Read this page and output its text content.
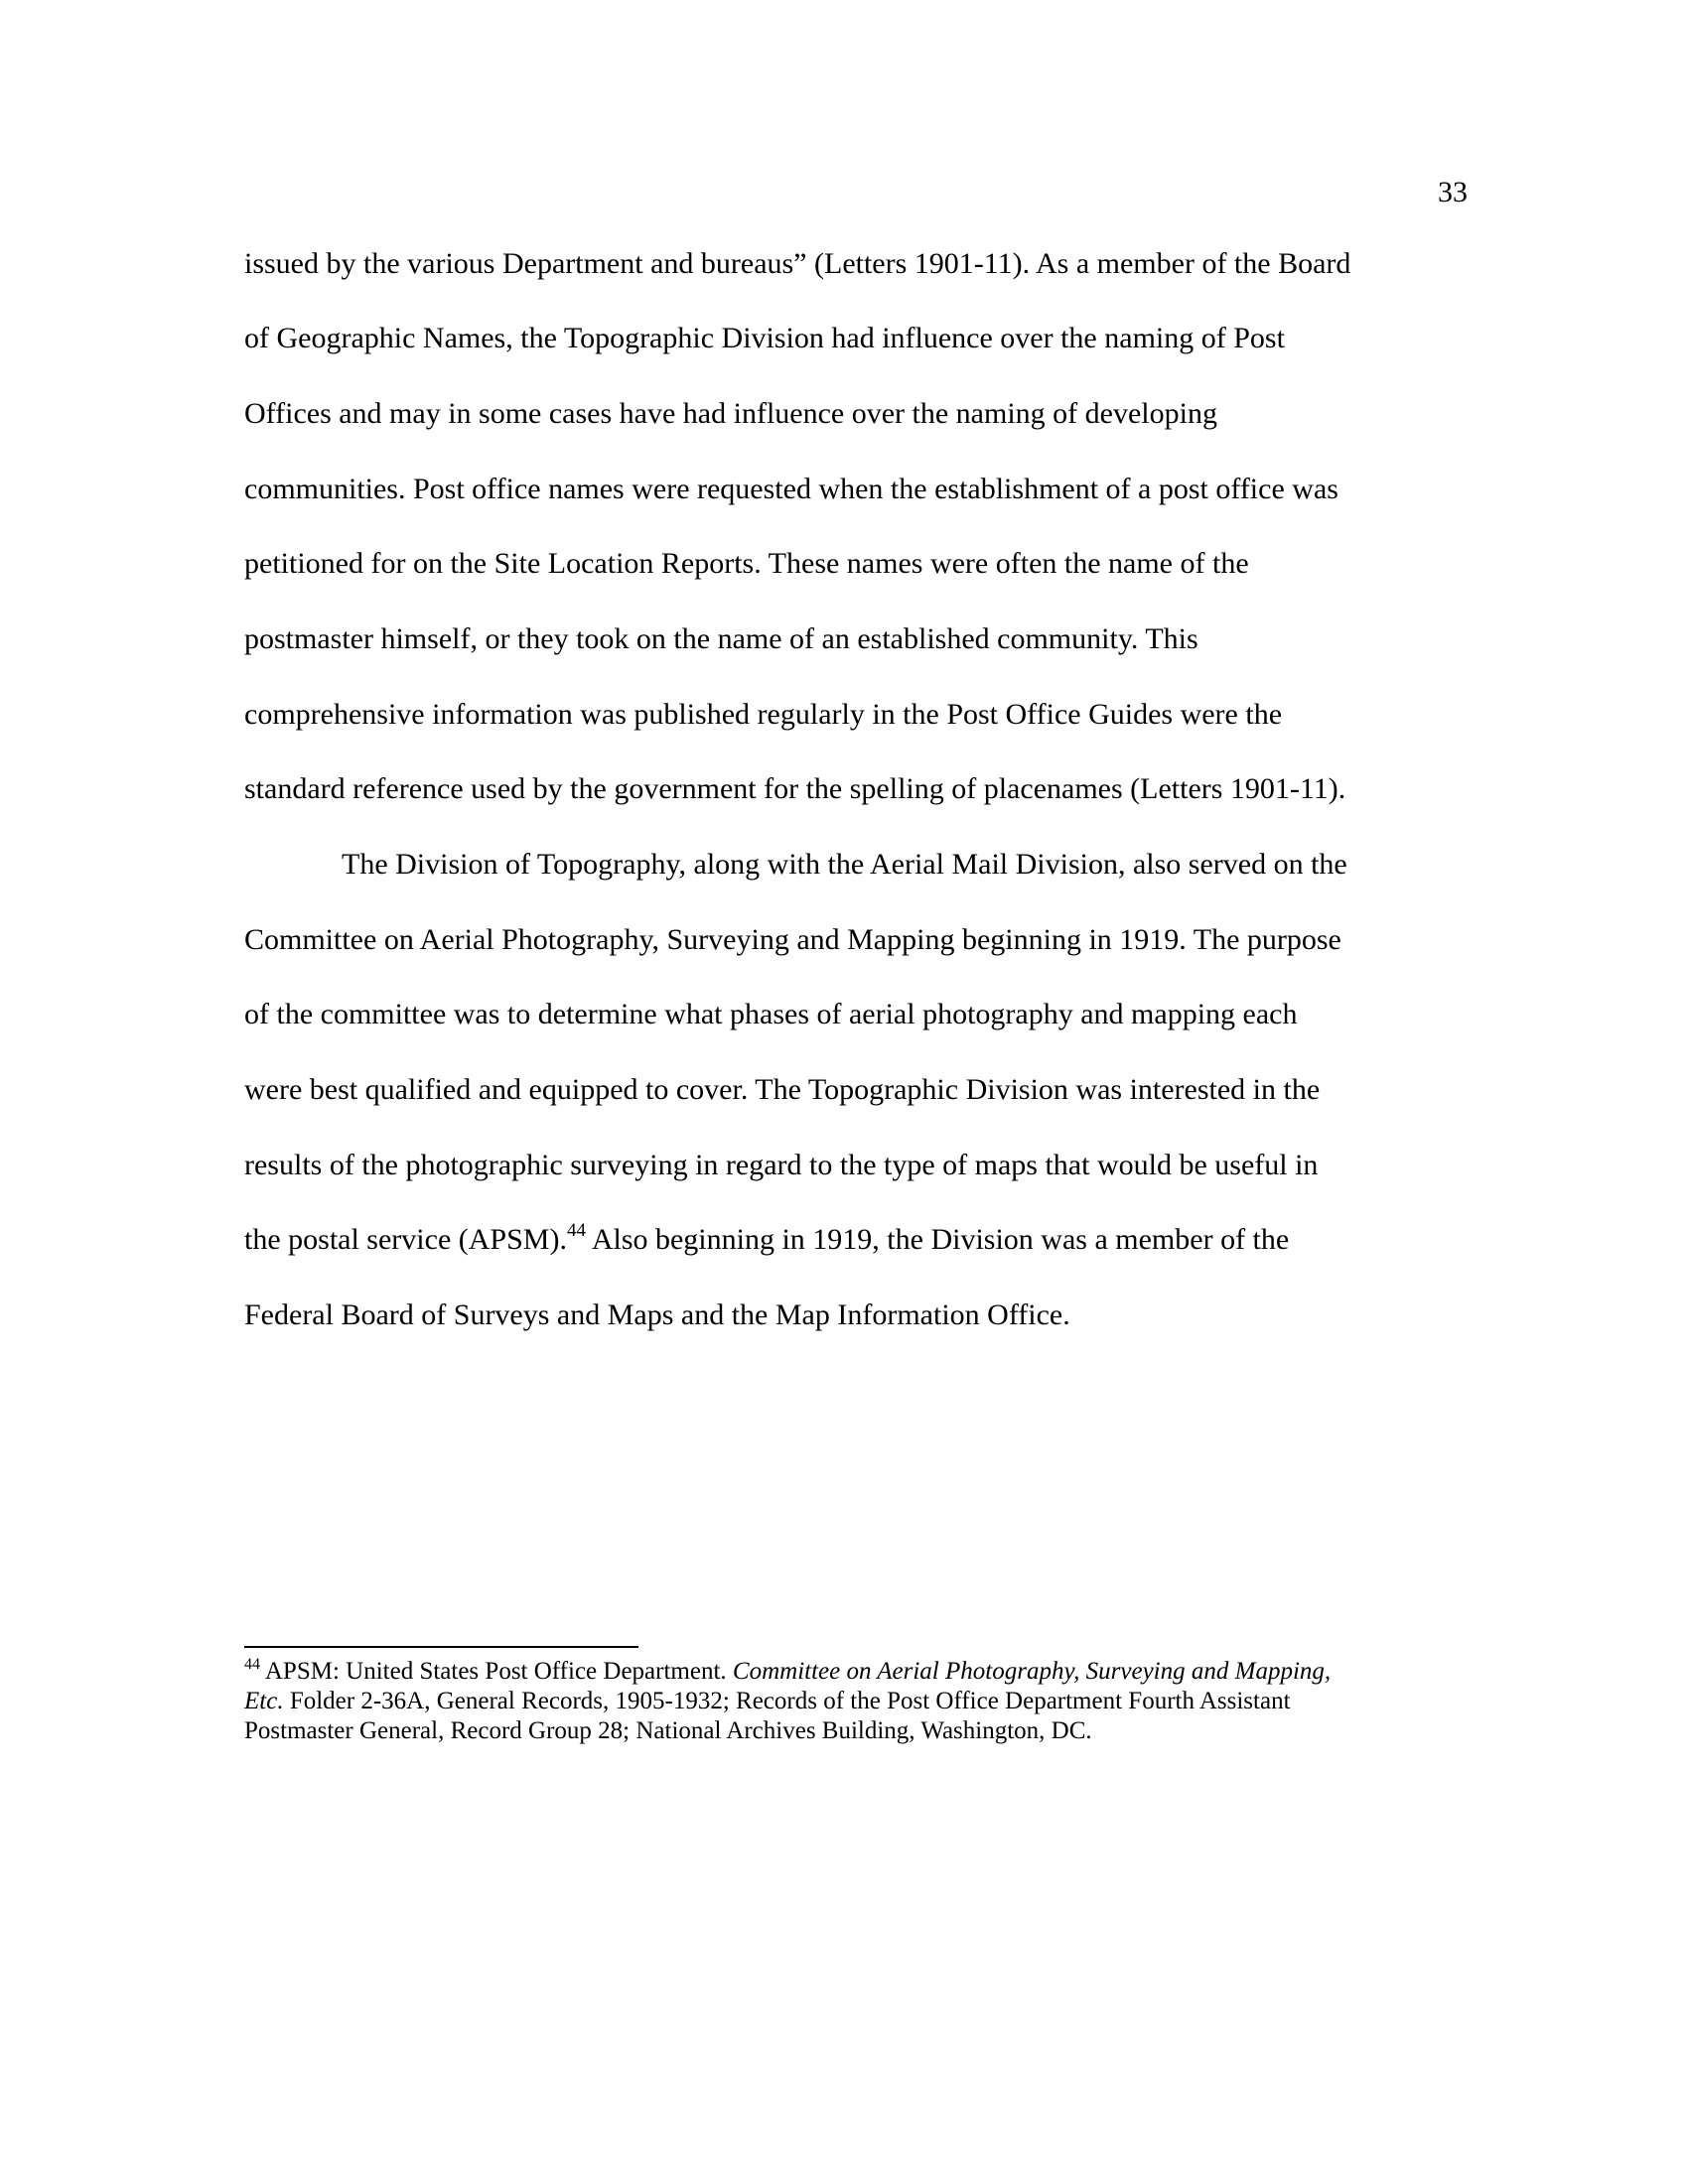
33
issued by the various Department and bureaus” (Letters 1901-11). As a member of the Board
of Geographic Names, the Topographic Division had influence over the naming of Post
Offices and may in some cases have had influence over the naming of developing
communities. Post office names were requested when the establishment of a post office was
petitioned for on the Site Location Reports. These names were often the name of the
postmaster himself, or they took on the name of an established community. This
comprehensive information was published regularly in the Post Office Guides were the
standard reference used by the government for the spelling of placenames (Letters 1901-11).
The Division of Topography, along with the Aerial Mail Division, also served on the
Committee on Aerial Photography, Surveying and Mapping beginning in 1919. The purpose
of the committee was to determine what phases of aerial photography and mapping each
were best qualified and equipped to cover. The Topographic Division was interested in the
results of the photographic surveying in regard to the type of maps that would be useful in
the postal service (APSM).$^{44}$ Also beginning in 1919, the Division was a member of the
Federal Board of Surveys and Maps and the Map Information Office.
$^{44}$ APSM: United States Post Office Department. Committee on Aerial Photography, Surveying and Mapping,
Etc. Folder 2-36A, General Records, 1905-1932; Records of the Post Office Department Fourth Assistant
Postmaster General, Record Group 28; National Archives Building, Washington, DC.
